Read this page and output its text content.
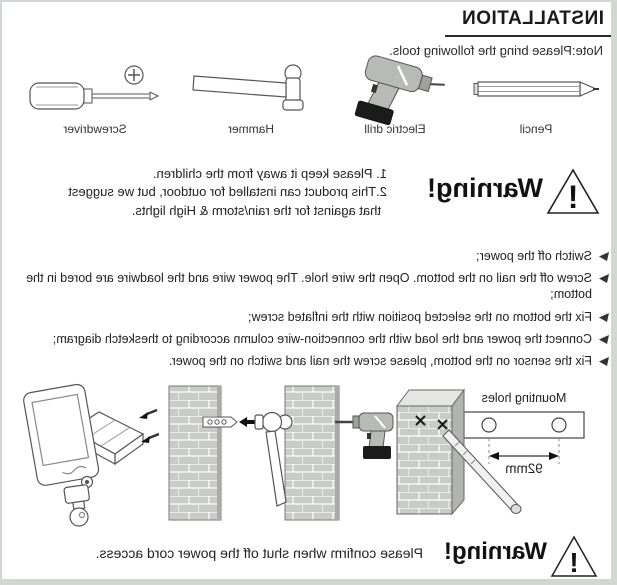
INSTALLATION
Note:Please bring the following tools.
Pencil
Electric drill
Hammer
Screwdriver
!
Warning!
1. Please keep it away from the children.
2.This product can installed for outdoor, but we suggest
that against for the rain/storm & High lights.
Switch off the power;
Screw off the nail on the bottom. Open the wire hole. The power wire and the loadwire are bored in the bottom;
Fix the bottom on the selected position with the inflated screw;
Connect the power and the load with the connection-wire column according to thesketch diagram;
Fix the sensor on the bottom, please screw the nail and switch on the power.
Mounting holes
92mm
!
Warning!
Please confirm when shut off the power cord access.
